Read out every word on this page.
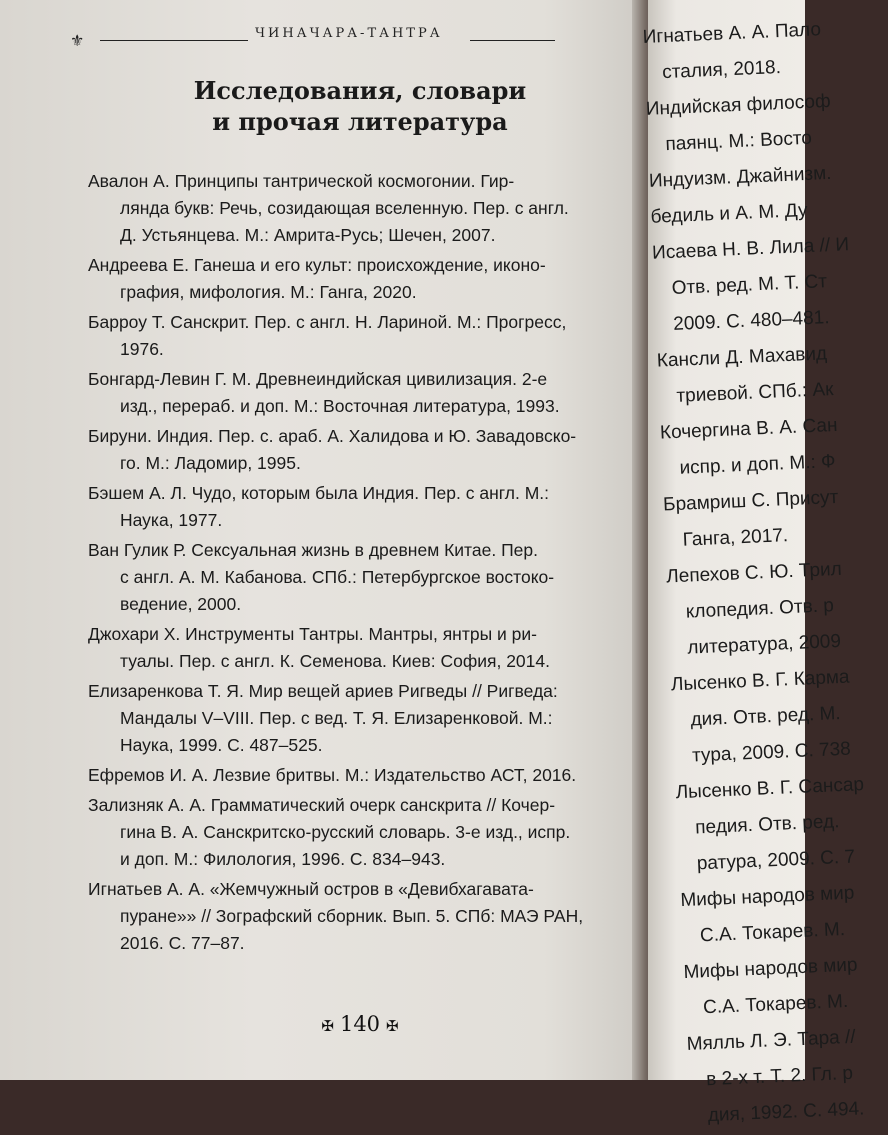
⚜	ЧИНАЧАРА-ТАНТРА
Исследования, словари
и прочая литература
Авалон А. Принципы тантрической космогонии. Гир-
лянда букв: Речь, созидающая вселенную. Пер. с англ.
Д. Устьянцева. М.: Амрита-Русь; Шечен, 2007.
Андреева Е. Ганеша и его культ: происхождение, иконо-
графия, мифология. М.: Ганга, 2020.
Барроу Т. Санскрит. Пер. с англ. Н. Лариной. М.: Прогресс,
1976.
Бонгард-Левин Г. М. Древнеиндийская цивилизация. 2-е
изд., перераб. и доп. М.: Восточная литература, 1993.
Бируни. Индия. Пер. с. араб. А. Халидова и Ю. Завадовско-
го. М.: Ладомир, 1995.
Бэшем А. Л. Чудо, которым была Индия. Пер. с англ. М.:
Наука, 1977.
Ван Гулик Р. Сексуальная жизнь в древнем Китае. Пер.
с англ. А. М. Кабанова. СПб.: Петербургское востоко-
ведение, 2000.
Джохари Х. Инструменты Тантры. Мантры, янтры и ри-
туалы. Пер. с англ. К. Семенова. Киев: София, 2014.
Елизаренкова Т. Я. Мир вещей ариев Ригведы // Ригведа:
Мандалы V–VIII. Пер. с вед. Т. Я. Елизаренковой. М.:
Наука, 1999. С. 487–525.
Ефремов И. А. Лезвие бритвы. М.: Издательство АСТ, 2016.
Зализняк А. А. Грамматический очерк санскрита // Кочер-
гина В. А. Санскритско-русский словарь. 3-е изд., испр.
и доп. М.: Филология, 1996. С. 834–943.
Игнатьев А. А. «Жемчужный остров в «Девибхагавата-
пуране»» // Зографский сборник. Вып. 5. СПб: МАЭ РАН,
2016. С. 77–87.
✠ 140 ✠
Игнатьев А. А. Пало
сталия, 2018.
Индийская философ
паянц. М.: Восто
Индуизм. Джайнизм.
бедиль и А. М. Ду
Исаева Н. В. Лила // И
Отв. ред. М. Т. Ст
2009. С. 480–481.
Кансли Д. Махавид
триевой. СПб.: Ак
Кочергина В. А. Сан
испр. и доп. М.: Ф
Брамриш С. Присут
Ганга, 2017.
Лепехов С. Ю. Трил
клопедия. Отв. р
литература, 2009
Лысенко В. Г. Карма
дия. Отв. ред. М.
тура, 2009. С. 738
Лысенко В. Г. Сансар
педия. Отв. ред.
ратура, 2009. С. 7
Мифы народов мир
С.А. Токарев. М.
Мифы народов мир
С.А. Токарев. М.
Мялль Л. Э. Тара //
в 2-х т. Т. 2. Гл. р
дия, 1992. С. 494.
